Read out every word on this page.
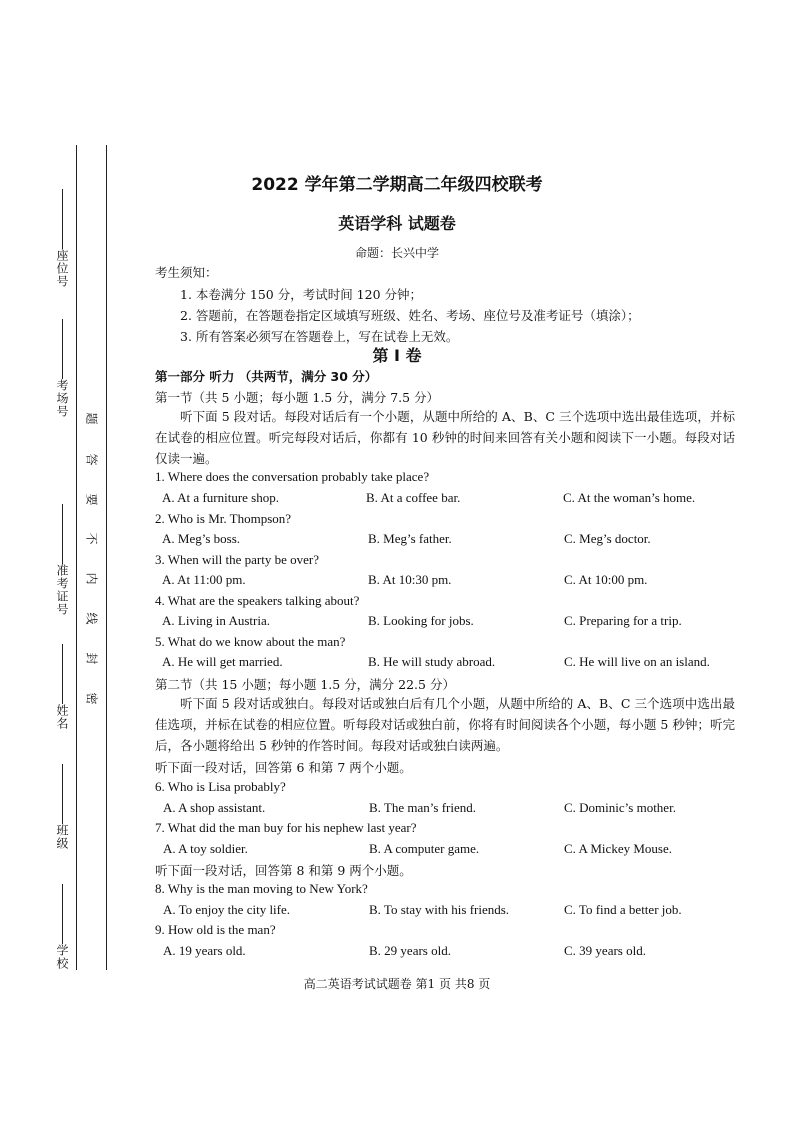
座位号
考场号
准考证号
姓名
班级
学校
题
答
要
不
内
线
封
密
2022 学年第二学期高二年级四校联考
英语学科 试题卷
命题：长兴中学
考生须知：
1. 本卷满分 150 分，考试时间 120 分钟；
2. 答题前，在答题卷指定区域填写班级、姓名、考场、座位号及准考证号（填涂）；
3. 所有答案必须写在答题卷上，写在试卷上无效。
第 I 卷
第一部分 听力 （共两节，满分 30 分）
第一节（共 5 小题；每小题 1.5 分，满分 7.5 分）
听下面 5 段对话。每段对话后有一个小题，从题中所给的 A、B、C 三个选项中选出最佳选项，并标在试卷的相应位置。听完每段对话后，你都有 10 秒钟的时间来回答有关小题和阅读下一小题。每段对话仅读一遍。
1. Where does the conversation probably take place?
A. At a furniture shop.	B. At a coffee bar.	C. At the woman’s home.
2. Who is Mr. Thompson?
A. Meg’s boss.	B. Meg’s father.	C. Meg’s doctor.
3. When will the party be over?
A. At 11:00 pm.	B. At 10:30 pm.	C. At 10:00 pm.
4. What are the speakers talking about?
A. Living in Austria.	B. Looking for jobs.	C. Preparing for a trip.
5. What do we know about the man?
A. He will get married.	B. He will study abroad.	C. He will live on an island.
第二节（共 15 小题；每小题 1.5 分，满分 22.5 分）
听下面 5 段对话或独白。每段对话或独白后有几个小题，从题中所给的 A、B、C 三个选项中选出最佳选项，并标在试卷的相应位置。听每段对话或独白前，你将有时间阅读各个小题，每小题 5 秒钟；听完后，各小题将给出 5 秒钟的作答时间。每段对话或独白读两遍。
听下面一段对话，回答第 6 和第 7 两个小题。
6. Who is Lisa probably?
A. A shop assistant.	B. The man’s friend.	C. Dominic’s mother.
7. What did the man buy for his nephew last year?
A. A toy soldier.	B. A computer game.	C. A Mickey Mouse.
听下面一段对话，回答第 8 和第 9 两个小题。
8. Why is the man moving to New York?
A. To enjoy the city life.	B. To stay with his friends.	C. To find a better job.
9. How old is the man?
A. 19 years old.	B. 29 years old.	C. 39 years old.
高二英语考试试题卷 第1 页 共8 页
